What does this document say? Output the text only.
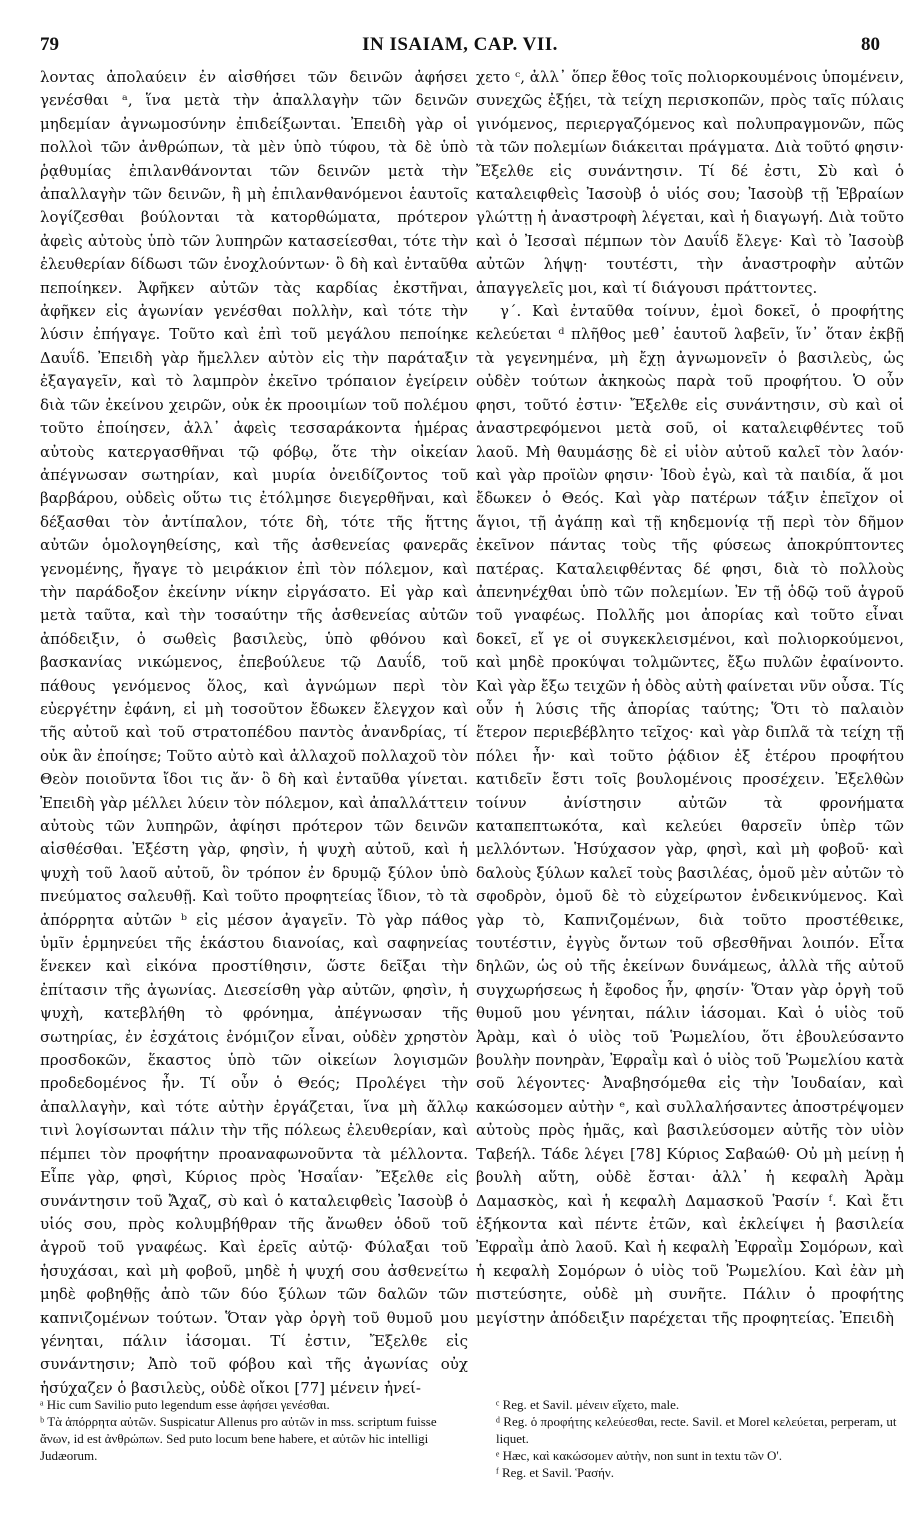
79	IN ISAIAM, CAP. VII.	80

λοντας ἀπολαύειν ἐν αἰσθήσει τῶν δεινῶν ἀφήσει γενέσθαι ᵃ, ἵνα μετὰ τὴν ἀπαλλαγὴν τῶν δεινῶν μηδεμίαν ἀγνωμοσύνην ἐπιδείξωνται. Ἐπειδὴ γὰρ οἱ πολλοὶ τῶν ἀνθρώπων, τὰ μὲν ὑπὸ τύφου, τὰ δὲ ὑπὸ ῥᾳθυμίας ἐπιλανθάνονται τῶν δεινῶν μετὰ τὴν ἀπαλλαγὴν τῶν δεινῶν, ἢ μὴ ἐπιλανθανόμενοι ἑαυτοῖς λογίζεσθαι βούλονται τὰ κατορθώματα, πρότερον ἀφεὶς αὐτοὺς ὑπὸ τῶν λυπηρῶν κατασείεσθαι, τότε τὴν ἐλευθερίαν δίδωσι τῶν ἐνοχλούντων· ὃ δὴ καὶ ἐνταῦθα πεποίηκεν. Ἀφῆκεν αὐτῶν τὰς καρδίας ἐκστῆναι, ἀφῆκεν εἰς ἀγωνίαν γενέσθαι πολλὴν, καὶ τότε τὴν λύσιν ἐπήγαγε. Τοῦτο καὶ ἐπὶ τοῦ μεγάλου πεποίηκε Δαυΐδ. Ἐπειδὴ γὰρ ἤμελλεν αὐτὸν εἰς τὴν παράταξιν ἐξαγαγεῖν, καὶ τὸ λαμπρὸν ἐκεῖνο τρόπαιον ἐγείρειν διὰ τῶν ἐκείνου χειρῶν, οὐκ ἐκ προοιμίων τοῦ πολέμου τοῦτο ἐποίησεν, ἀλλ᾽ ἀφεὶς τεσσαράκοντα ἡμέρας αὐτοὺς κατεργασθῆναι τῷ φόβῳ, ὅτε τὴν οἰκείαν ἀπέγνωσαν σωτηρίαν, καὶ μυρία ὀνειδίζοντος τοῦ βαρβάρου, οὐδεὶς οὕτω τις ἐτόλμησε διεγερθῆναι, καὶ δέξασθαι τὸν ἀντίπαλον, τότε δὴ, τότε τῆς ἥττης αὐτῶν ὁμολογηθείσης, καὶ τῆς ἀσθενείας φανερᾶς γενομένης, ἤγαγε τὸ μειράκιον ἐπὶ τὸν πόλεμον, καὶ τὴν παράδοξον ἐκείνην νίκην εἰργάσατο. Εἰ γὰρ καὶ μετὰ ταῦτα, καὶ τὴν τοσαύτην τῆς ἀσθενείας αὐτῶν ἀπόδειξιν, ὁ σωθεὶς βασιλεὺς, ὑπὸ φθόνου καὶ βασκανίας νικώμενος, ἐπεβούλευε τῷ Δαυΐδ, τοῦ πάθους γενόμενος ὅλος, καὶ ἀγνώμων περὶ τὸν εὐεργέτην ἐφάνη, εἰ μὴ τοσοῦτον ἔδωκεν ἔλεγχον καὶ τῆς αὐτοῦ καὶ τοῦ στρατοπέδου παντὸς ἀνανδρίας, τί οὐκ ἂν ἐποίησε; Τοῦτο αὐτὸ καὶ ἀλλαχοῦ πολλαχοῦ τὸν Θεὸν ποιοῦντα ἴδοι τις ἄν· ὃ δὴ καὶ ἐνταῦθα γίνεται. Ἐπειδὴ γὰρ μέλλει λύειν τὸν πόλεμον, καὶ ἀπαλλάττειν αὐτοὺς τῶν λυπηρῶν, ἀφίησι πρότερον τῶν δεινῶν αἰσθέσθαι. Ἐξέστη γὰρ, φησὶν, ἡ ψυχὴ αὐτοῦ, καὶ ἡ ψυχὴ τοῦ λαοῦ αὐτοῦ, ὃν τρόπον ἐν δρυμῷ ξύλον ὑπὸ πνεύματος σαλευθῇ. Καὶ τοῦτο προφητείας ἴδιον, τὸ τὰ ἀπόρρητα αὐτῶν ᵇ εἰς μέσον ἀγαγεῖν. Τὸ γὰρ πάθος ὑμῖν ἑρμηνεύει τῆς ἑκάστου διανοίας, καὶ σαφηνείας ἕνεκεν καὶ εἰκόνα προστίθησιν, ὥστε δεῖξαι τὴν ἐπίτασιν τῆς ἀγωνίας. Διεσείσθη γὰρ αὐτῶν, φησὶν, ἡ ψυχὴ, κατεβλήθη τὸ φρόνημα, ἀπέγνωσαν τῆς σωτηρίας, ἐν ἐσχάτοις ἐνόμιζον εἶναι, οὐδὲν χρηστὸν προσδοκῶν, ἕκαστος ὑπὸ τῶν οἰκείων λογισμῶν προδεδομένος ἦν. Τί οὖν ὁ Θεός; Προλέγει τὴν ἀπαλλαγὴν, καὶ τότε αὐτὴν ἐργάζεται, ἵνα μὴ ἄλλῳ τινὶ λογίσωνται πάλιν τὴν τῆς πόλεως ἐλευθερίαν, καὶ πέμπει τὸν προφήτην προαναφωνοῦντα τὰ μέλλοντα. Εἶπε γὰρ, φησὶ, Κύριος πρὸς Ἡσαΐαν· Ἔξελθε εἰς συνάντησιν τοῦ Ἄχαζ, σὺ καὶ ὁ καταλειφθεὶς Ἰασοὺβ ὁ υἱός σου, πρὸς κολυμβήθραν τῆς ἄνωθεν ὁδοῦ τοῦ ἀγροῦ τοῦ γναφέως. Καὶ ἐρεῖς αὐτῷ· Φύλαξαι τοῦ ἡσυχάσαι, καὶ μὴ φοβοῦ, μηδὲ ἡ ψυχή σου ἀσθενείτω μηδὲ φοβηθῇς ἀπὸ τῶν δύο ξύλων τῶν δαλῶν τῶν καπνιζομένων τούτων. Ὅταν γὰρ ὀργὴ τοῦ θυμοῦ μου γένηται, πάλιν ἰάσομαι. Τί ἐστιν, Ἔξελθε εἰς συνάντησιν; Ἀπὸ τοῦ φόβου καὶ τῆς ἀγωνίας οὐχ ἡσύχαζεν ὁ βασιλεὺς, οὐδὲ οἴκοι [77] μένειν ἠνεί-

χετο ᶜ, ἀλλ᾽ ὅπερ ἔθος τοῖς πολιορκουμένοις ὑπομένειν, συνεχῶς ἐξῄει, τὰ τείχη περισκοπῶν, πρὸς ταῖς πύλαις γινόμενος, περιεργαζόμενος καὶ πολυπραγμονῶν, πῶς τὰ τῶν πολεμίων διάκειται πράγματα. Διὰ τοῦτό φησιν· Ἔξελθε εἰς συνάντησιν. Τί δέ ἐστι, Σὺ καὶ ὁ καταλειφθεὶς Ἰασοὺβ ὁ υἱός σου; Ἰασοὺβ τῇ Ἑβραίων γλώττῃ ἡ ἀναστροφὴ λέγεται, καὶ ἡ διαγωγή. Διὰ τοῦτο καὶ ὁ Ἰεσσαὶ πέμπων τὸν Δαυΐδ ἔλεγε· Καὶ τὸ Ἰασοὺβ αὐτῶν λήψῃ· τουτέστι, τὴν ἀναστροφὴν αὐτῶν ἀπαγγελεῖς μοι, καὶ τί διάγουσι πράττοντες.

γ΄. Καὶ ἐνταῦθα τοίνυν, ἐμοὶ δοκεῖ, ὁ προφήτης κελεύεται ᵈ πλῆθος μεθ᾽ ἑαυτοῦ λαβεῖν, ἵν᾽ ὅταν ἐκβῇ τὰ γεγενημένα, μὴ ἔχῃ ἀγνωμονεῖν ὁ βασιλεὺς, ὡς οὐδὲν τούτων ἀκηκοὼς παρὰ τοῦ προφήτου. Ὁ οὖν φησι, τοῦτό ἐστιν· Ἔξελθε εἰς συνάντησιν, σὺ καὶ οἱ ἀναστρεφόμενοι μετὰ σοῦ, οἱ καταλειφθέντες τοῦ λαοῦ. Μὴ θαυμάσῃς δὲ εἰ υἱὸν αὐτοῦ καλεῖ τὸν λαόν· καὶ γὰρ προϊὼν φησιν· Ἰδοὺ ἐγὼ, καὶ τὰ παιδία, ἅ μοι ἔδωκεν ὁ Θεός. Καὶ γὰρ πατέρων τάξιν ἐπεῖχον οἱ ἅγιοι, τῇ ἀγάπῃ καὶ τῇ κηδεμονίᾳ τῇ περὶ τὸν δῆμον ἐκεῖνον πάντας τοὺς τῆς φύσεως ἀποκρύπτοντες πατέρας. Καταλειφθέντας δέ φησι, διὰ τὸ πολλοὺς ἀπενηνέχθαι ὑπὸ τῶν πολεμίων. Ἐν τῇ ὁδῷ τοῦ ἀγροῦ τοῦ γναφέως. Πολλῆς μοι ἀπορίας καὶ τοῦτο εἶναι δοκεῖ, εἴ γε οἱ συγκεκλεισμένοι, καὶ πολιορκούμενοι, καὶ μηδὲ προκύψαι τολμῶντες, ἔξω πυλῶν ἐφαίνοντο. Καὶ γὰρ ἔξω τειχῶν ἡ ὁδὸς αὐτὴ φαίνεται νῦν οὖσα. Τίς οὖν ἡ λύσις τῆς ἀπορίας ταύτης; Ὅτι τὸ παλαιὸν ἕτερον περιεβέβλητο τεῖχος· καὶ γὰρ διπλᾶ τὰ τείχη τῇ πόλει ἦν· καὶ τοῦτο ῥᾴδιον ἐξ ἑτέρου προφήτου κατιδεῖν ἔστι τοῖς βουλομένοις προσέχειν. Ἐξελθὼν τοίνυν ἀνίστησιν αὐτῶν τὰ φρονήματα καταπεπτωκότα, καὶ κελεύει θαρσεῖν ὑπὲρ τῶν μελλόντων. Ἡσύχασον γὰρ, φησὶ, καὶ μὴ φοβοῦ· καὶ δαλοὺς ξύλων καλεῖ τοὺς βασιλέας, ὁμοῦ μὲν αὐτῶν τὸ σφοδρὸν, ὁμοῦ δὲ τὸ εὐχείρωτον ἐνδεικνύμενος. Καὶ γὰρ τὸ, Καπνιζομένων, διὰ τοῦτο προστέθεικε, τουτέστιν, ἐγγὺς ὄντων τοῦ σβεσθῆναι λοιπόν. Εἶτα δηλῶν, ὡς οὐ τῆς ἐκείνων δυνάμεως, ἀλλὰ τῆς αὐτοῦ συγχωρήσεως ἡ ἔφοδος ἦν, φησίν· Ὅταν γὰρ ὀργὴ τοῦ θυμοῦ μου γένηται, πάλιν ἰάσομαι. Καὶ ὁ υἱὸς τοῦ Ἀρὰμ, καὶ ὁ υἱὸς τοῦ Ῥωμελίου, ὅτι ἐβουλεύσαντο βουλὴν πονηρὰν, Ἐφραῒμ καὶ ὁ υἱὸς τοῦ Ῥωμελίου κατὰ σοῦ λέγοντες· Ἀναβησόμεθα εἰς τὴν Ἰουδαίαν, καὶ κακώσομεν αὐτὴν ᵉ, καὶ συλλαλήσαντες ἀποστρέψομεν αὐτοὺς πρὸς ἡμᾶς, καὶ βασιλεύσομεν αὐτῆς τὸν υἱὸν Ταβεήλ. Τάδε λέγει [78] Κύριος Σαβαώθ· Οὐ μὴ μείνῃ ἡ βουλὴ αὕτη, οὐδὲ ἔσται· ἀλλ᾽ ἡ κεφαλὴ Ἀρὰμ Δαμασκὸς, καὶ ἡ κεφαλὴ Δαμασκοῦ Ῥασίν ᶠ. Καὶ ἔτι ἑξήκοντα καὶ πέντε ἐτῶν, καὶ ἐκλείψει ἡ βασιλεία Ἐφραῒμ ἀπὸ λαοῦ. Καὶ ἡ κεφαλὴ Ἐφραῒμ Σομόρων, καὶ ἡ κεφαλὴ Σομόρων ὁ υἱὸς τοῦ Ῥωμελίου. Καὶ ἐὰν μὴ πιστεύσητε, οὐδὲ μὴ συνῆτε. Πάλιν ὁ προφήτης μεγίστην ἀπόδειξιν παρέχεται τῆς προφητείας. Ἐπειδὴ

ᵃ Hic cum Savilio puto legendum esse ἀφήσει γενέσθαι.

ᵇ Τὰ ἀπόρρητα αὐτῶν. Suspicatur Allenus pro αὐτῶν in mss. scriptum fuisse ἄνων, id est ἀνθρώπων. Sed puto locum bene habere, et αὐτῶν hic intelligi Judæorum.

ᶜ Reg. et Savil. μένειν εἴχετο, male.

ᵈ Reg. ὁ προφήτης κελεύεσθαι, recte. Savil. et Morel κελεύεται, perperam, ut liquet.

ᵉ Hæc, καὶ κακώσομεν αὐτὴν, non sunt in textu τῶν O'.

ᶠ Reg. et Savil. Ῥασήν.
